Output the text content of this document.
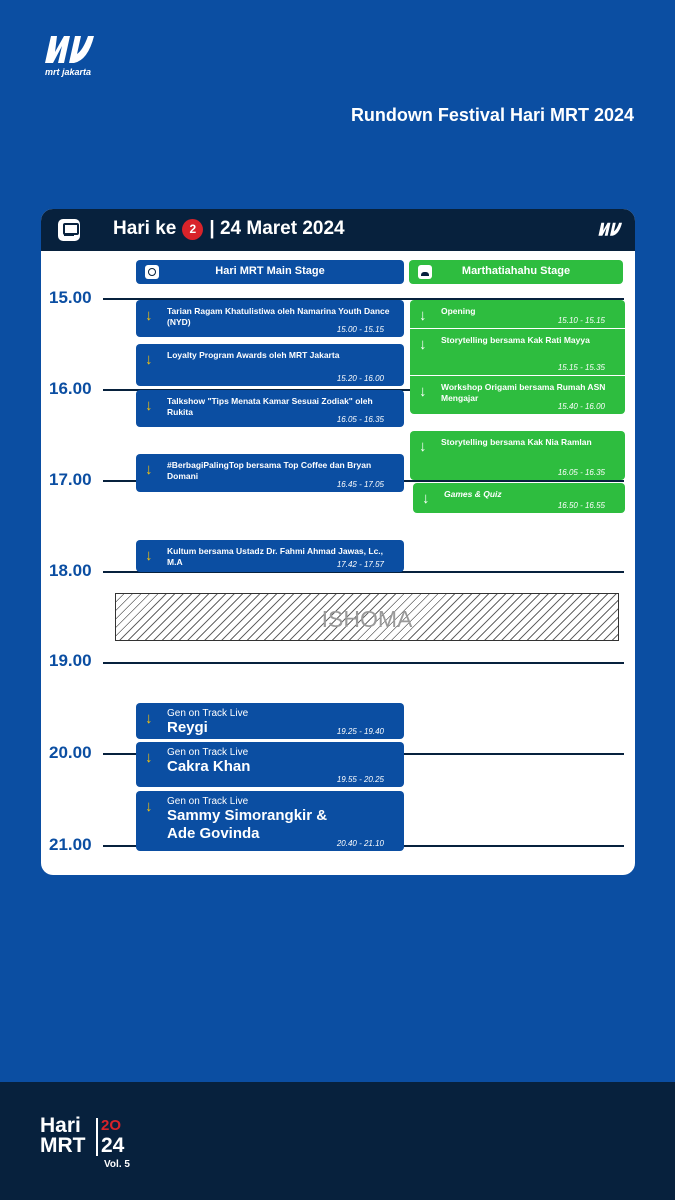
mrt jakarta
Rundown Festival Hari MRT 2024
Hari ke	2 | 24 Maret 2024
Hari MRT Main Stage	Marthatiahahu Stage
15.00
16.00
17.00
18.00
19.00
20.00
21.00
ISHOMA
↓ Tarian Ragam Khatulistiwa oleh Namarina Youth Dance (NYD)
15.00 - 15.15
↓ Loyalty Program Awards oleh MRT Jakarta
15.20 - 16.00
↓ Talkshow "Tips Menata Kamar Sesuai Zodiak" oleh Rukita
16.05 - 16.35
↓ #BerbagiPalingTop bersama Top Coffee dan Bryan Domani
16.45 - 17.05
↓ Kultum bersama Ustadz Dr. Fahmi Ahmad Jawas, Lc., M.A	17.42 - 17.57
↓ Gen on Track Live
Reygi	19.25 - 19.40
↓ Gen on Track Live
Cakra Khan
19.55 - 20.25
↓ Gen on Track Live
Sammy Simorangkir & Ade Govinda
20.40 - 21.10
↓ Opening
15.10 - 15.15
↓ Storytelling bersama Kak Rati Mayya
15.15 - 15.35
↓ Workshop Origami bersama Rumah ASN Mengajar
15.40 - 16.00
↓ Storytelling bersama Kak Nia Ramlan
16.05 - 16.35
↓ Games & Quiz
16.50 - 16.55
Hari
MRT
2O
24
Vol. 5
